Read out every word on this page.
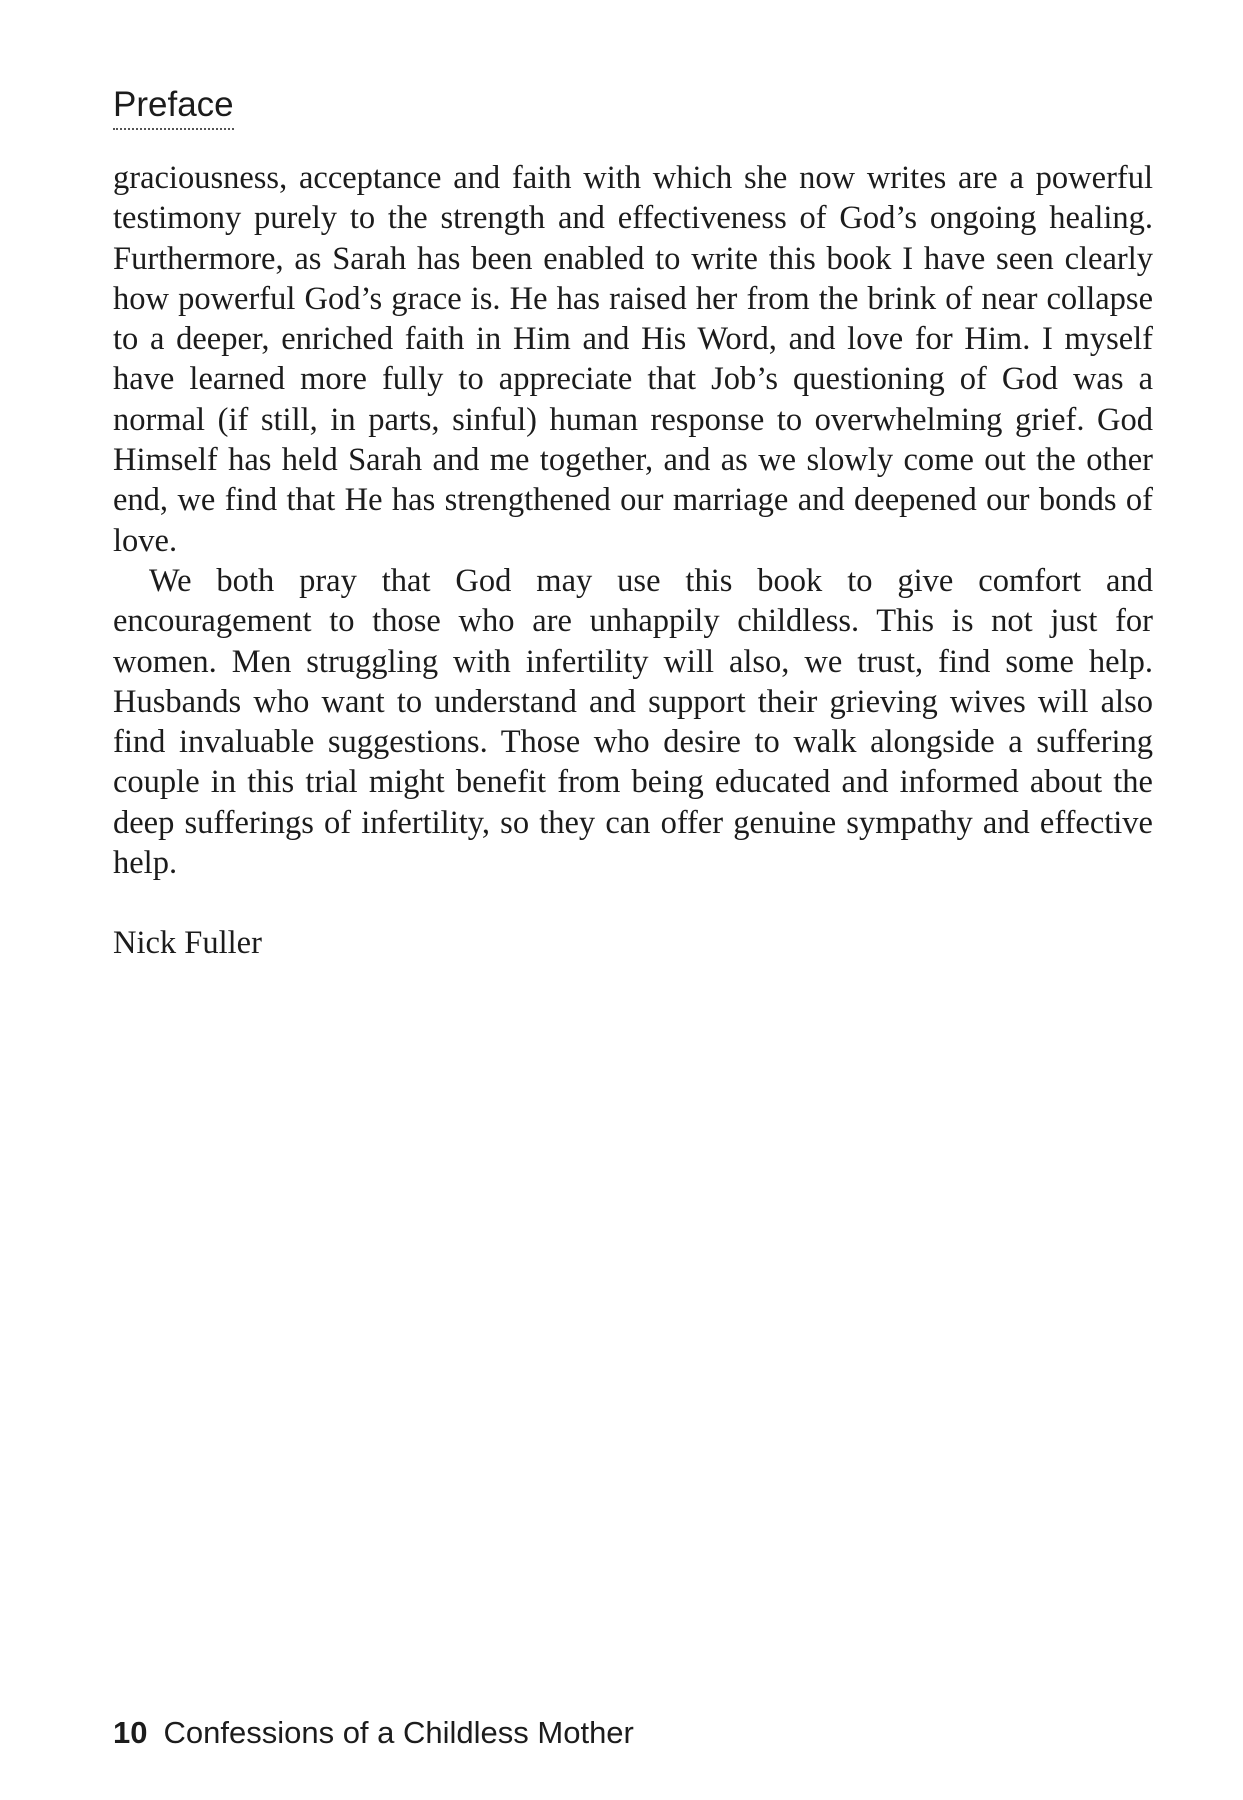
Preface

graciousness, acceptance and faith with which she now writes are a powerful testimony purely to the strength and effectiveness of God’s ongoing healing. Furthermore, as Sarah has been enabled to write this book I have seen clearly how powerful God’s grace is. He has raised her from the brink of near collapse to a deeper, enriched faith in Him and His Word, and love for Him. I myself have learned more fully to appreciate that Job’s questioning of God was a normal (if still, in parts, sinful) human response to overwhelming grief. God Himself has held Sarah and me together, and as we slowly come out the other end, we find that He has strengthened our marriage and deepened our bonds of love.

We both pray that God may use this book to give comfort and encouragement to those who are unhappily childless. This is not just for women. Men struggling with infertility will also, we trust, find some help. Husbands who want to understand and support their grieving wives will also find invaluable suggestions. Those who desire to walk alongside a suffering couple in this trial might benefit from being educated and informed about the deep sufferings of infertility, so they can offer genuine sympathy and effective help.

Nick Fuller

10 Confessions of a Childless Mother
